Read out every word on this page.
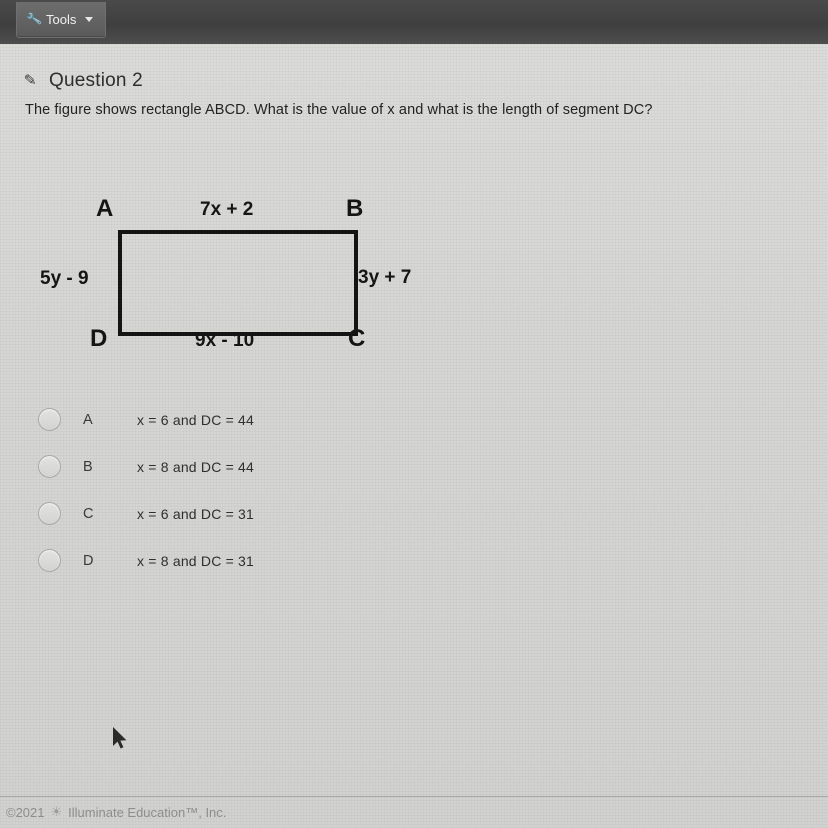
🔧 Tools
✎ Question 2
The figure shows rectangle ABCD. What is the value of x and what is the length of segment DC?
A	B
C
D
7x + 2
9x - 10
5y - 9	3y + 7
A	x = 6 and DC = 44
B	x = 8 and DC = 44
C	x = 6 and DC = 31
D	x = 8 and DC = 31
©2021 ☀ Illuminate Education™, Inc.
